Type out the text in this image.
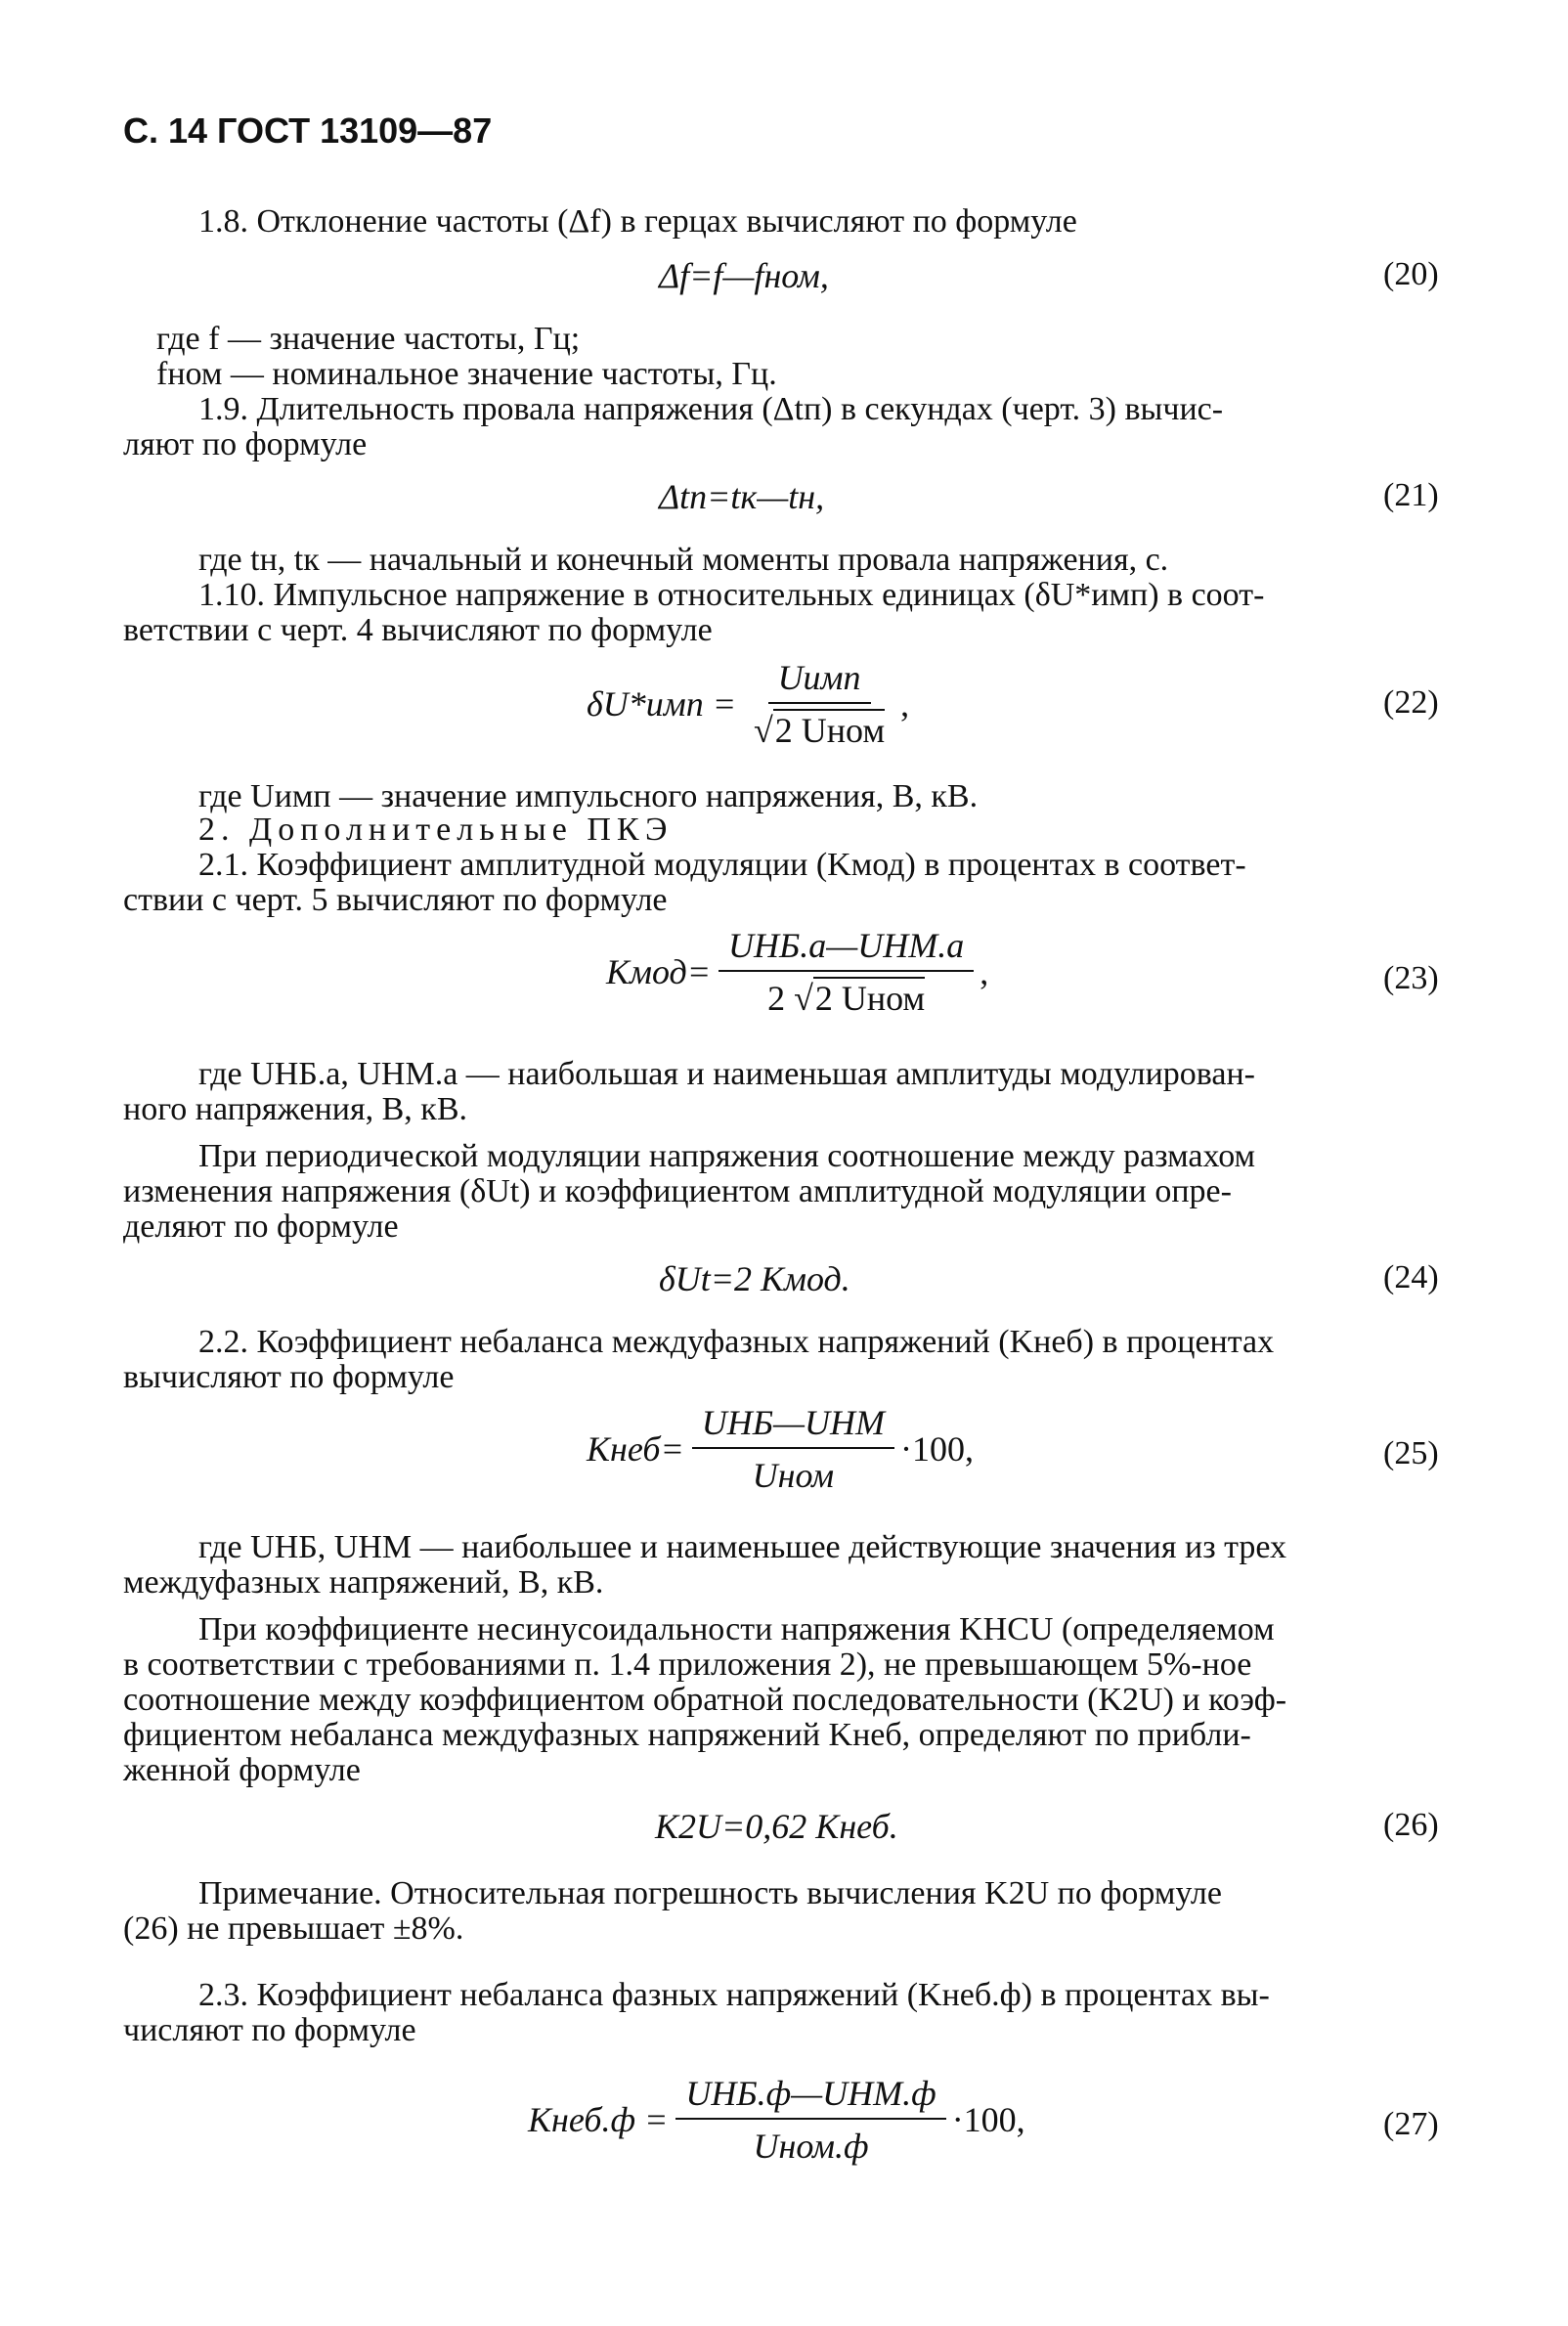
С. 14 ГОСТ 13109—87
1.8. Отклонение частоты (Δf) в герцах вычисляют по формуле
Δf=f—fном,	(20)
где f — значение частоты, Гц;
fном — номинальное значение частоты, Гц.
1.9. Длительность провала напряжения (Δtп) в секундах (черт. 3) вычис-
ляют по формуле
Δtп=tк—tн,	(21)
где tн, tк — начальный и конечный моменты провала напряжения, с.
1.10. Импульсное напряжение в относительных единицах (δU*имп) в соот-
ветствии с черт. 4 вычисляют по формуле
δU*имп =
Uимп
√2 Uном
,	(22)
где Uимп — значение импульсного напряжения, В, кВ.
2. Дополнительные ПКЭ
2.1. Коэффициент амплитудной модуляции (Kмод) в процентах в соответ-
ствии с черт. 5 вычисляют по формуле
Kмод=
UНБ.а—UНМ.а
2 √2 Uном
,	(23)
где UНБ.а, UНМ.а — наибольшая и наименьшая амплитуды модулирован-
ного напряжения, В, кВ.
При периодической модуляции напряжения соотношение между размахом
изменения напряжения (δUt) и коэффициентом амплитудной модуляции опре-
деляют по формуле
δUt=2 Kмод.	(24)
2.2. Коэффициент небаланса междуфазных напряжений (Kнеб) в процентах
вычисляют по формуле
Kнеб=
UНБ—UНМ
Uном
·100,	(25)
где UНБ, UНМ — наибольшее и наименьшее действующие значения из трех
междуфазных напряжений, В, кВ.
При коэффициенте несинусоидальности напряжения KНСU (определяемом
в соответствии с требованиями п. 1.4 приложения 2), не превышающем 5%-ное
соотношение между коэффициентом обратной последовательности (K2U) и коэф-
фициентом небаланса междуфазных напряжений Kнеб, определяют по прибли-
женной формуле
K2U=0,62 Kнеб.	(26)
Примечание. Относительная погрешность вычисления K2U по формуле
(26) не превышает ±8%.
2.3. Коэффициент небаланса фазных напряжений (Kнеб.ф) в процентах вы-
числяют по формуле
Kнеб.ф =
UНБ.ф—UНМ.ф
Uном.ф
·100,	(27)
